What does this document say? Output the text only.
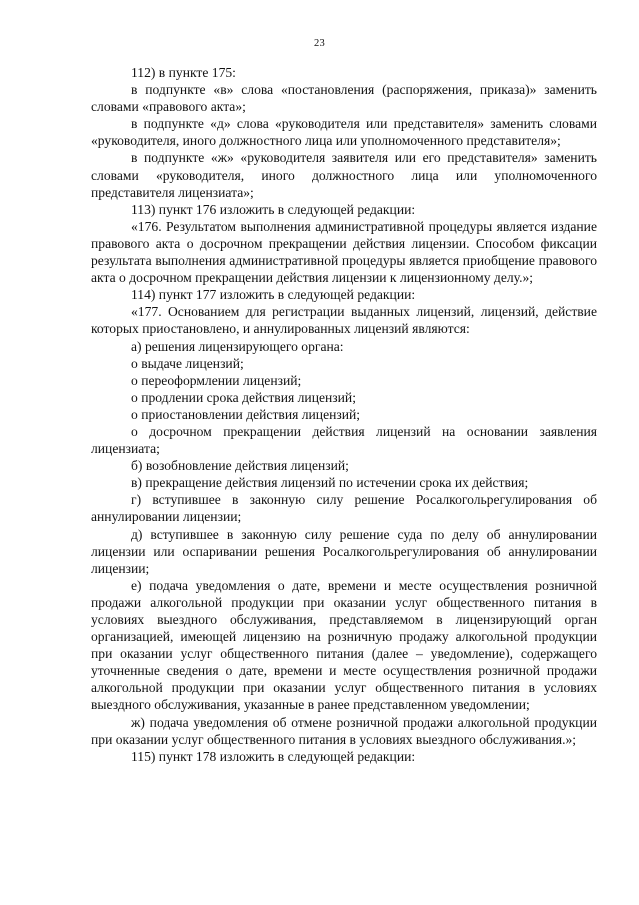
23

112) в пункте 175:

в подпункте «в» слова «постановления (распоряжения, приказа)» заменить словами «правового акта»;

в подпункте «д» слова «руководителя или представителя» заменить словами «руководителя, иного должностного лица или уполномоченного представителя»;

в подпункте «ж» «руководителя заявителя или его представителя» заменить словами «руководителя, иного должностного лица или уполномоченного представителя лицензиата»;

113) пункт 176 изложить в следующей редакции:

«176. Результатом выполнения административной процедуры является издание правового акта о досрочном прекращении действия лицензии. Способом фиксации результата выполнения административной процедуры является приобщение правового акта о досрочном прекращении действия лицензии к лицензионному делу.»;

114) пункт 177 изложить в следующей редакции:

«177. Основанием для регистрации выданных лицензий, лицензий, действие которых приостановлено, и аннулированных лицензий являются:

а) решения лицензирующего органа:

о выдаче лицензий;

о переоформлении лицензий;

о продлении срока действия лицензий;

о приостановлении действия лицензий;

о досрочном прекращении действия лицензий на основании заявления лицензиата;

б) возобновление действия лицензий;

в) прекращение действия лицензий по истечении срока их действия;

г) вступившее в законную силу решение Росалкогольрегулирования об аннулировании лицензии;

д) вступившее в законную силу решение суда по делу об аннулировании лицензии или оспаривании решения Росалкогольрегулирования об аннулировании лицензии;

е) подача уведомления о дате, времени и месте осуществления розничной продажи алкогольной продукции при оказании услуг общественного питания в условиях выездного обслуживания, представляемом в лицензирующий орган организацией, имеющей лицензию на розничную продажу алкогольной продукции при оказании услуг общественного питания (далее – уведомление), содержащего уточненные сведения о дате, времени и месте осуществления розничной продажи алкогольной продукции при оказании услуг общественного питания в условиях выездного обслуживания, указанные в ранее представленном уведомлении;

ж) подача уведомления об отмене розничной продажи алкогольной продукции при оказании услуг общественного питания в условиях выездного обслуживания.»;

115) пункт 178 изложить в следующей редакции:
